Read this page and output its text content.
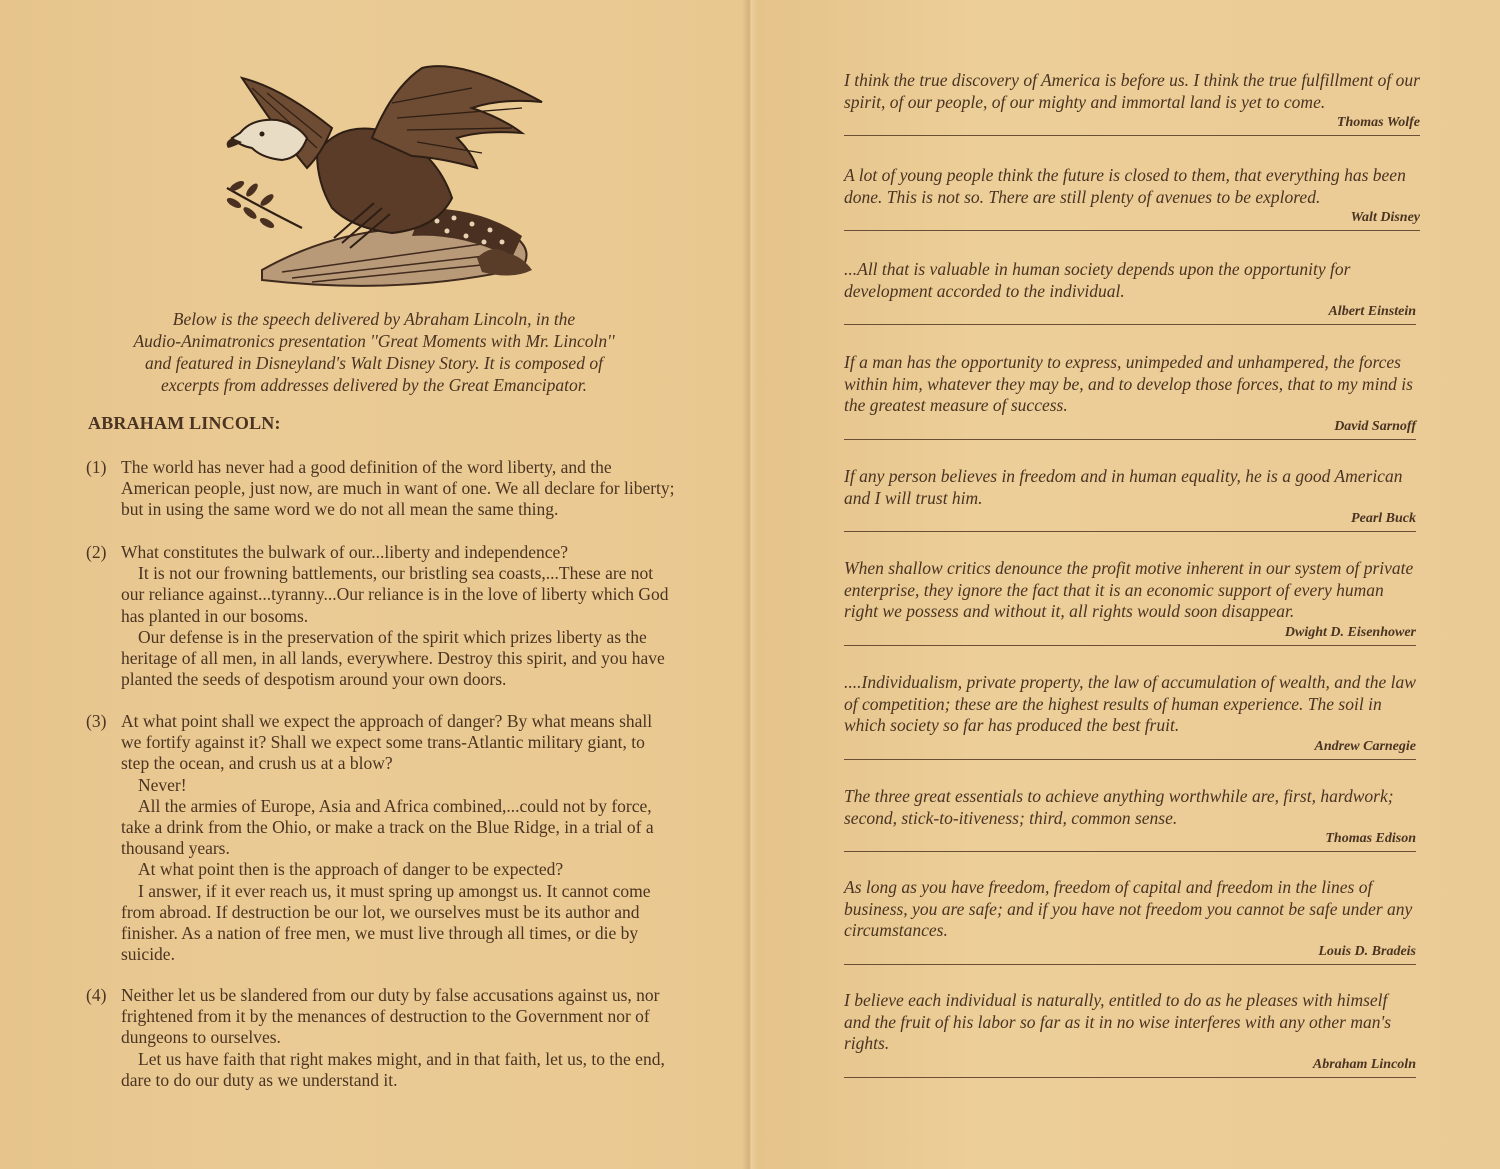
Below is the speech delivered by Abraham Lincoln, in the
Audio-Animatronics presentation ''Great Moments with Mr. Lincoln''
and featured in Disneyland's Walt Disney Story. It is composed of
excerpts from addresses delivered by the Great Emancipator.
ABRAHAM LINCOLN:
(1) The world has never had a good definition of the word liberty, and the American people, just now, are much in want of one. We all declare for liberty; but in using the same word we do not all mean the same thing.

(2) What constitutes the bulwark of our...liberty and independence?

It is not our frowning battlements, our bristling sea coasts,...These are not our reliance against...tyranny...Our reliance is in the love of liberty which God has planted in our bosoms.

Our defense is in the preservation of the spirit which prizes liberty as the heritage of all men, in all lands, everywhere. Destroy this spirit, and you have planted the seeds of despotism around your own doors.

(3) At what point shall we expect the approach of danger? By what means shall we fortify against it? Shall we expect some trans-Atlantic military giant, to step the ocean, and crush us at a blow?

Never!

All the armies of Europe, Asia and Africa combined,...could not by force, take a drink from the Ohio, or make a track on the Blue Ridge, in a trial of a thousand years.

At what point then is the approach of danger to be expected?

I answer, if it ever reach us, it must spring up amongst us. It cannot come from abroad. If destruction be our lot, we ourselves must be its author and finisher. As a nation of free men, we must live through all times, or die by suicide.

(4) Neither let us be slandered from our duty by false accusations against us, nor frightened from it by the menances of destruction to the Government nor of dungeons to ourselves.

Let us have faith that right makes might, and in that faith, let us, to the end, dare to do our duty as we understand it.

I think the true discovery of America is before us. I think the true fulfillment of our spirit, of our people, of our mighty and immortal land is yet to come.
Thomas Wolfe
A lot of young people think the future is closed to them, that everything has been done. This is not so. There are still plenty of avenues to be explored.
Walt Disney
...All that is valuable in human society depends upon the opportunity for development accorded to the individual.
Albert Einstein
If a man has the opportunity to express, unimpeded and unhampered, the forces within him, whatever they may be, and to develop those forces, that to my mind is the greatest measure of success.
David Sarnoff
If any person believes in freedom and in human equality, he is a good American and I will trust him.
Pearl Buck
When shallow critics denounce the profit motive inherent in our system of private enterprise, they ignore the fact that it is an economic support of every human right we possess and without it, all rights would soon disappear.
Dwight D. Eisenhower
....Individualism, private property, the law of accumulation of wealth, and the law of competition; these are the highest results of human experience. The soil in which society so far has produced the best fruit.
Andrew Carnegie
The three great essentials to achieve anything worthwhile are, first, hardwork; second, stick-to-itiveness; third, common sense.
Thomas Edison
As long as you have freedom, freedom of capital and freedom in the lines of business, you are safe; and if you have not freedom you cannot be safe under any circumstances.
Louis D. Bradeis
I believe each individual is naturally, entitled to do as he pleases with himself and the fruit of his labor so far as it in no wise interferes with any other man's rights.
Abraham Lincoln
